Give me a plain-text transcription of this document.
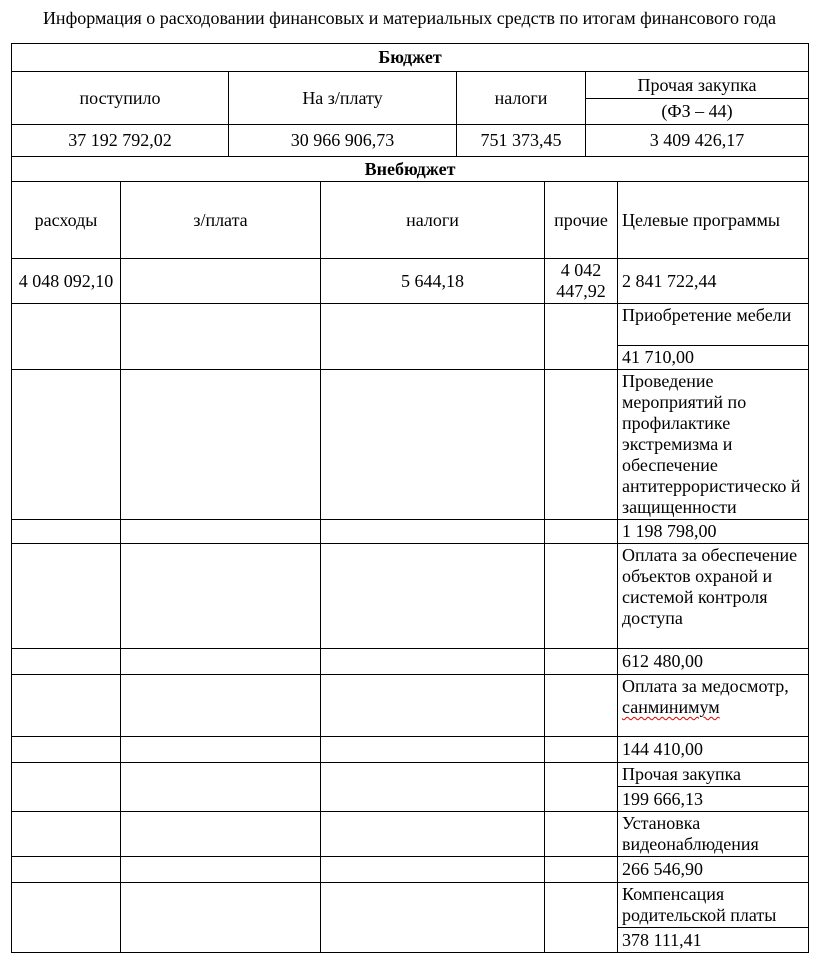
Информация о расходовании финансовых и материальных средств по итогам финансового года
Бюджет			
поступило	На з/плату	налоги	Прочая закупка
			(ФЗ – 44)
37 192 792,02	30 966 906,73	751 373,45	3 409 426,17
Внебюджет				
расходы	з/плата	налоги	прочие	Целевые программы
4 048 092,10		5 644,18	4 042 447,92	2 841 722,44
				Приобретение мебели
				41 710,00
				Проведение мероприятий по профилактике экстремизма и обеспечение антитеррористическо й защищенности
				1 198 798,00
				Оплата за обеспечение объектов охраной и системой контроля доступа
				612 480,00
				Оплата за медосмотр, санминимум
				144 410,00
				Прочая закупка
				199 666,13
				Установка видеонаблюдения
				266 546,90
				Компенсация родительской платы
				378 111,41
